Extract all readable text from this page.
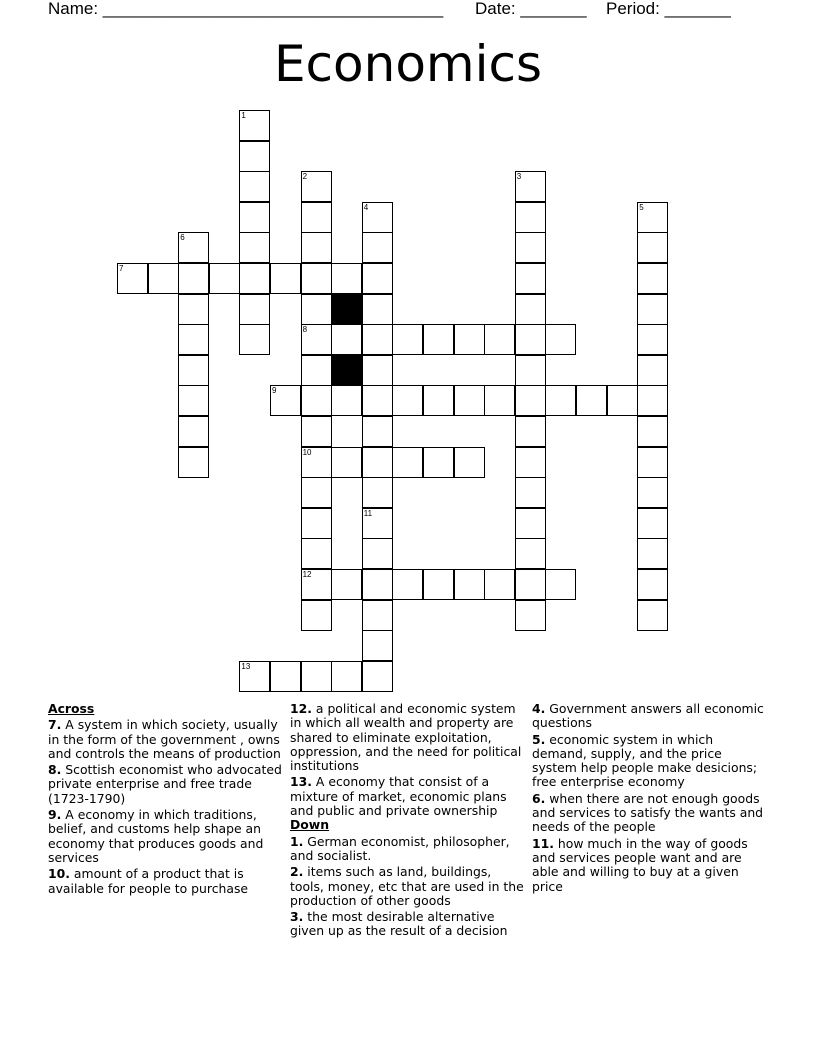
Name: ____________________________________ Date: _______ Period: _______
Economics
1
2
8
10
12
3
4
11
5
6
7
9
13
Across
7. A system in which society, usually in the form of the government , owns and controls the means of production
8. Scottish economist who advocated private enterprise and free trade (1723-1790)
9. A economy in which traditions, belief, and customs help shape an economy that produces goods and services
10. amount of a product that is available for people to purchase
12. a political and economic system in which all wealth and property are shared to eliminate exploitation, oppression, and the need for political institutions
13. A economy that consist of a mixture of market, economic plans and public and private ownership
Down
1. German economist, philosopher, and socialist.
2. items such as land, buildings, tools, money, etc that are used in the production of other goods
3. the most desirable alternative given up as the result of a decision
4. Government answers all economic questions
5. economic system in which demand, supply, and the price system help people make desicions; free enterprise economy
6. when there are not enough goods and services to satisfy the wants and needs of the people
11. how much in the way of goods and services people want and are able and willing to buy at a given price
